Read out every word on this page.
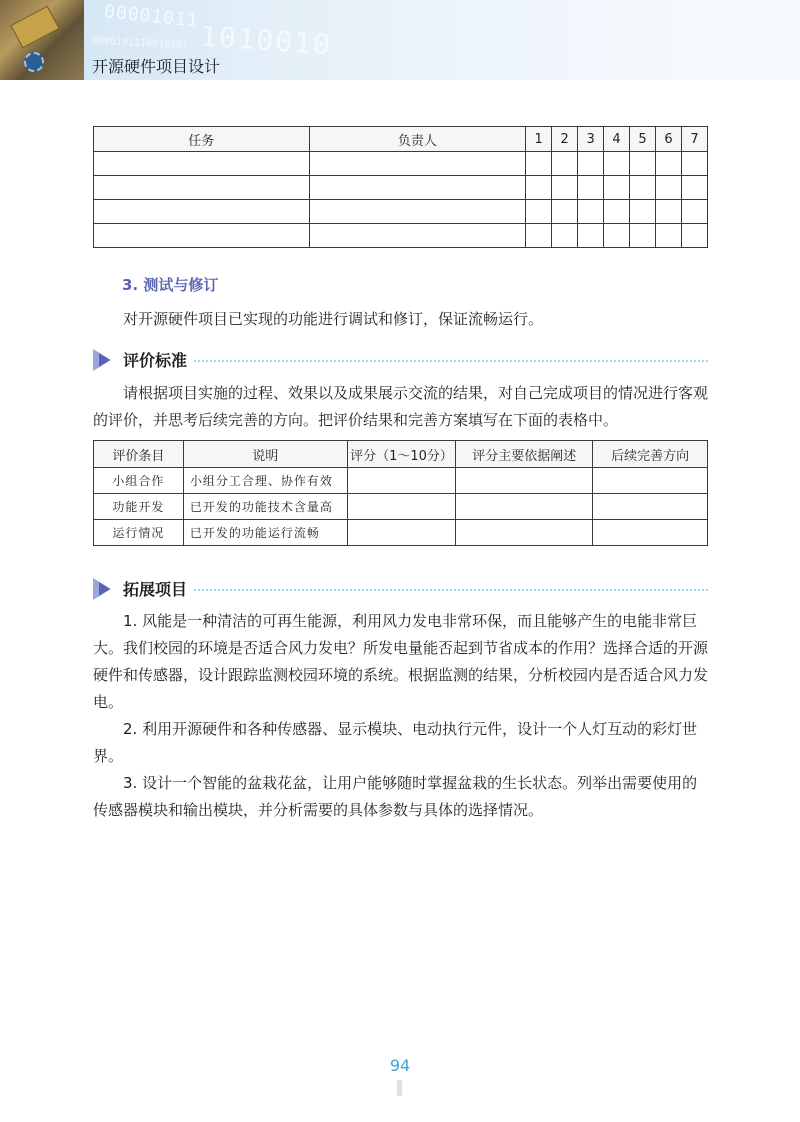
00001011
1010010
0000101110010101
开源硬件项目设计
任务	负责人	1	2	3	4	5	6	7

3. 测试与修订

对开源硬件项目已实现的功能进行调试和修订，保证流畅运行。

评价标准

请根据项目实施的过程、效果以及成果展示交流的结果，对自己完成项目的情况进行客观的评价，并思考后续完善的方向。把评价结果和完善方案填写在下面的表格中。

评价条目	说明	评分（1～10分）	评分主要依据阐述	后续完善方向
小组合作	小组分工合理、协作有效			
功能开发	已开发的功能技术含量高			
运行情况	已开发的功能运行流畅			
拓展项目

1. 风能是一种清洁的可再生能源，利用风力发电非常环保，而且能够产生的电能非常巨大。我们校园的环境是否适合风力发电？所发电量能否起到节省成本的作用？选择合适的开源硬件和传感器，设计跟踪监测校园环境的系统。根据监测的结果，分析校园内是否适合风力发电。

2. 利用开源硬件和各种传感器、显示模块、电动执行元件，设计一个人灯互动的彩灯世界。

3. 设计一个智能的盆栽花盆，让用户能够随时掌握盆栽的生长状态。列举出需要使用的传感器模块和输出模块，并分析需要的具体参数与具体的选择情况。

94
